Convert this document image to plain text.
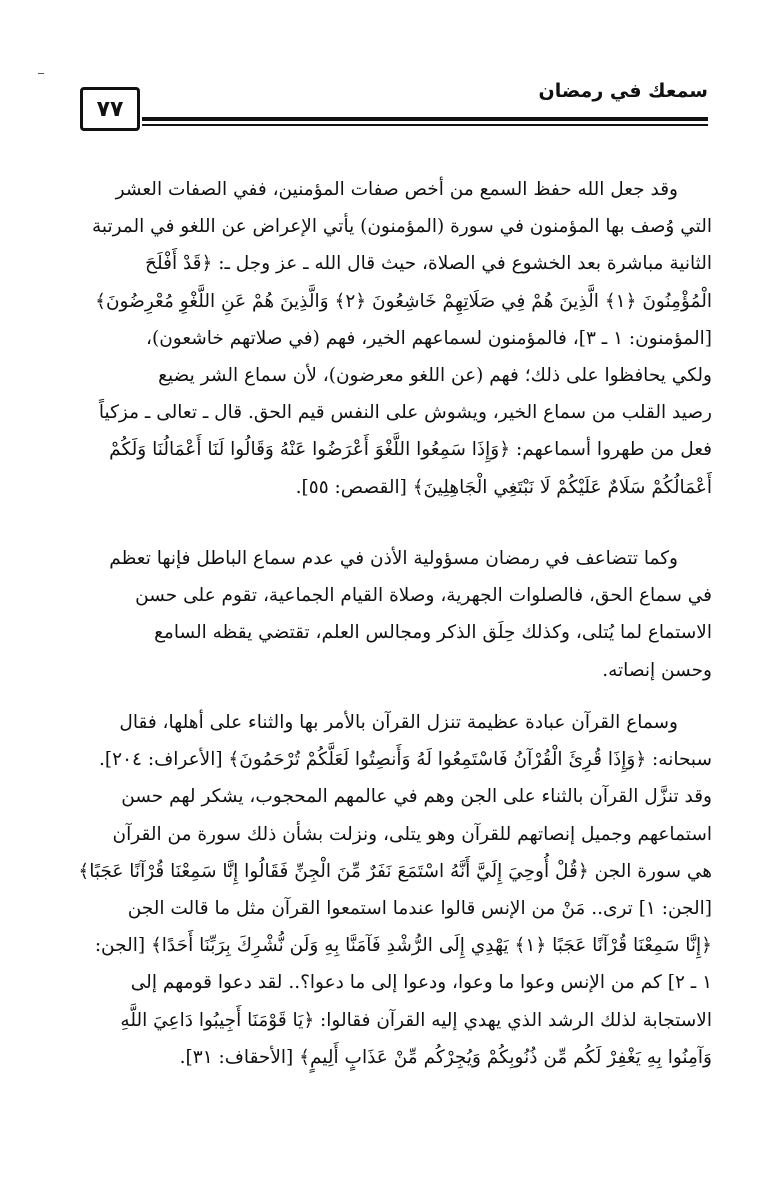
٧٧
سمعك في رمضان
وقد جعل الله حفظ السمع من أخص صفات المؤمنين، ففي الصفات العشر
التي وُصف بها المؤمنون في سورة (المؤمنون) يأتي الإعراض عن اللغو في المرتبة
الثانية مباشرة بعد الخشوع في الصلاة، حيث قال الله ـ عز وجل ـ: ﴿قَدْ أَفْلَحَ
الْمُؤْمِنُونَ ﴿١﴾ الَّذِينَ هُمْ فِي صَلَاتِهِمْ خَاشِعُونَ ﴿٢﴾ وَالَّذِينَ هُمْ عَنِ اللَّغْوِ مُعْرِضُونَ﴾
[المؤمنون: ١ ـ ٣]، فالمؤمنون لسماعهم الخير، فهم (في صلاتهم خاشعون)،
ولكي يحافظوا على ذلك؛ فهم (عن اللغو معرضون)، لأن سماع الشر يضيع
رصيد القلب من سماع الخير، ويشوش على النفس قيم الحق. قال ـ تعالى ـ مزكياً
فعل من طهروا أسماعهم: ﴿وَإِذَا سَمِعُوا اللَّغْوَ أَعْرَضُوا عَنْهُ وَقَالُوا لَنَا أَعْمَالُنَا وَلَكُمْ
أَعْمَالُكُمْ سَلَامٌ عَلَيْكُمْ لَا نَبْتَغِي الْجَاهِلِينَ﴾ [القصص: ٥٥].
وكما تتضاعف في رمضان مسؤولية الأذن في عدم سماع الباطل فإنها تعظم
في سماع الحق، فالصلوات الجهرية، وصلاة القيام الجماعية، تقوم على حسن
الاستماع لما يُتلى، وكذلك حِلَق الذكر ومجالس العلم، تقتضي يقظه السامع
وحسن إنصاته.
وسماع القرآن عبادة عظيمة تنزل القرآن بالأمر بها والثناء على أهلها، فقال
سبحانه: ﴿وَإِذَا قُرِئَ الْقُرْآنُ فَاسْتَمِعُوا لَهُ وَأَنصِتُوا لَعَلَّكُمْ تُرْحَمُونَ﴾ [الأعراف: ٢٠٤].
وقد تنزَّل القرآن بالثناء على الجن وهم في عالمهم المحجوب، يشكر لهم حسن
استماعهم وجميل إنصاتهم للقرآن وهو يتلى، ونزلت بشأن ذلك سورة من القرآن
هي سورة الجن ﴿قُلْ أُوحِيَ إِلَيَّ أَنَّهُ اسْتَمَعَ نَفَرٌ مِّنَ الْجِنِّ فَقَالُوا إِنَّا سَمِعْنَا قُرْآنًا عَجَبًا﴾
[الجن: ١] ترى.. مَنْ من الإنس قالوا عندما استمعوا القرآن مثل ما قالت الجن
﴿إِنَّا سَمِعْنَا قُرْآنًا عَجَبًا ﴿١﴾ يَهْدِي إِلَى الرُّشْدِ فَآمَنَّا بِهِ وَلَن نُّشْرِكَ بِرَبِّنَا أَحَدًا﴾ [الجن:
١ ـ ٢] كم من الإنس وعوا ما وعوا، ودعوا إلى ما دعوا؟.. لقد دعوا قومهم إلى
الاستجابة لذلك الرشد الذي يهدي إليه القرآن فقالوا: ﴿يَا قَوْمَنَا أَجِيبُوا دَاعِيَ اللَّهِ
وَآمِنُوا بِهِ يَغْفِرْ لَكُم مِّن ذُنُوبِكُمْ وَيُجِرْكُم مِّنْ عَذَابٍ أَلِيمٍ﴾ [الأحقاف: ٣١].
